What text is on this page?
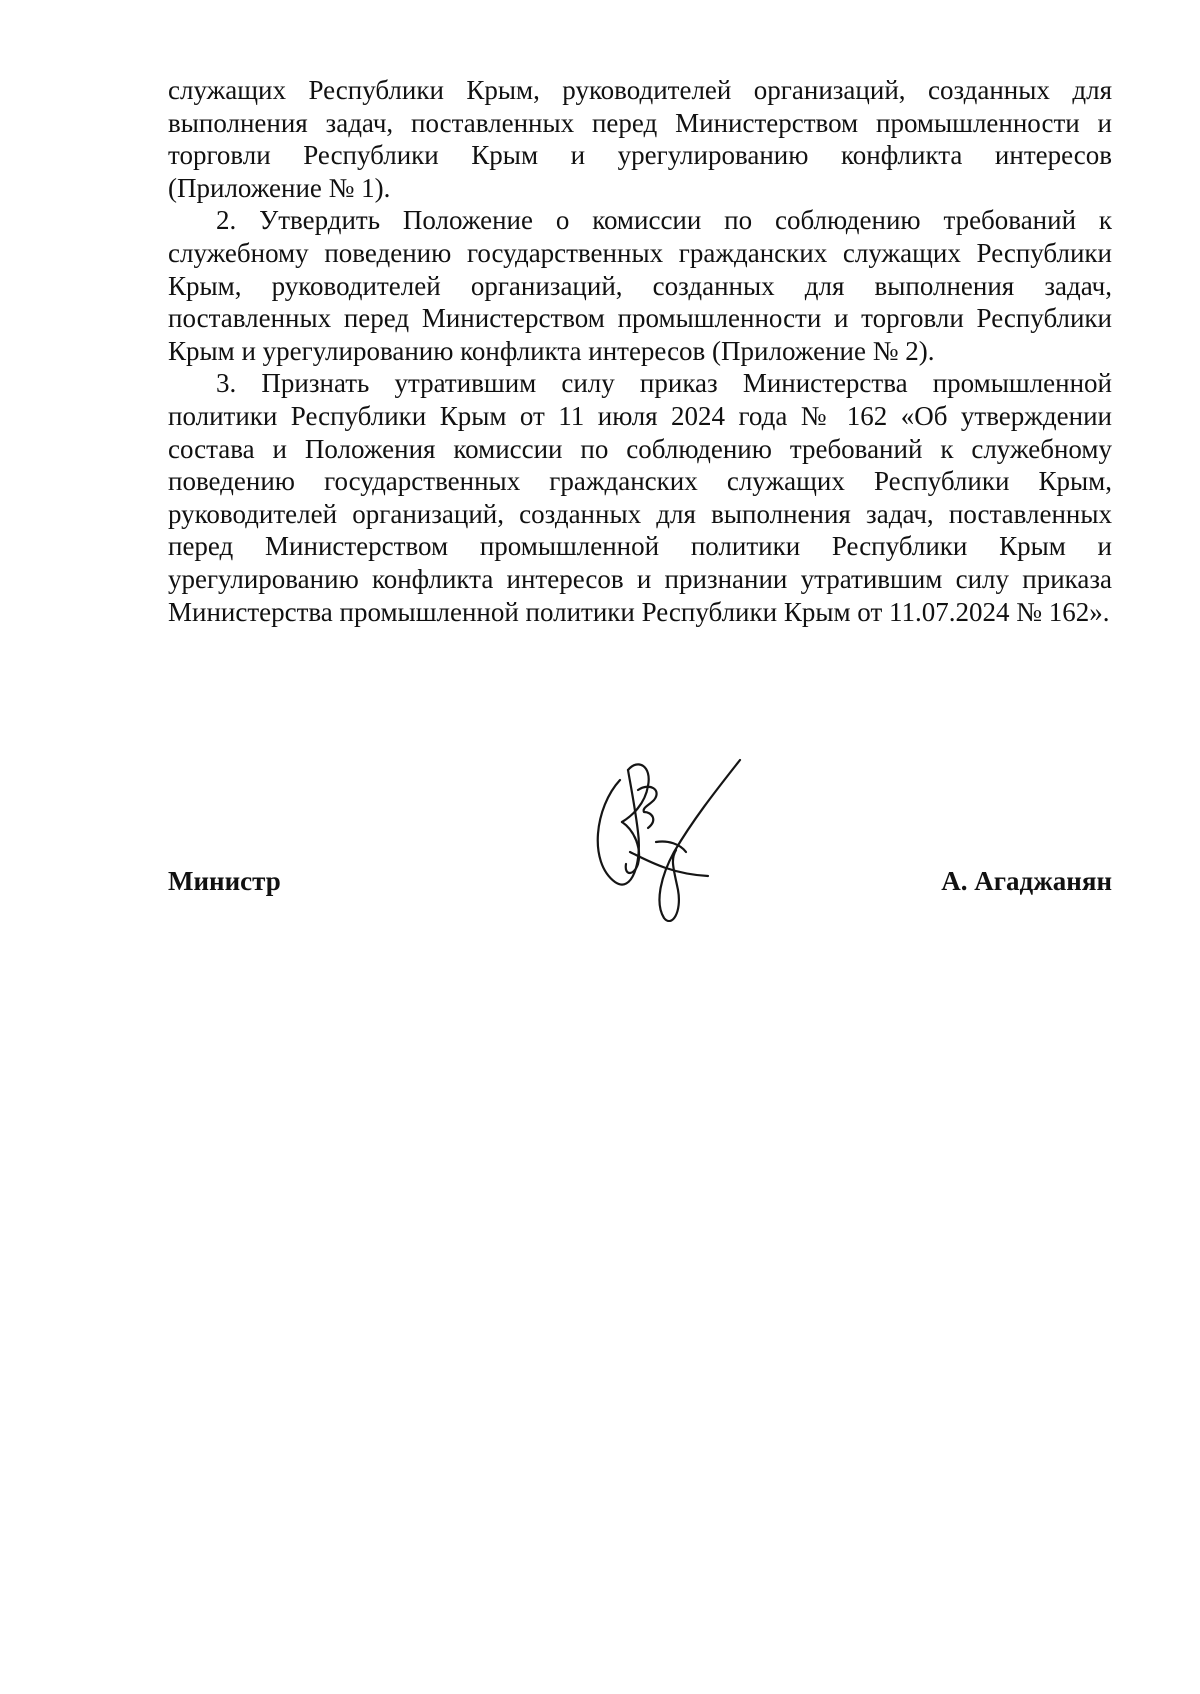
служащих Республики Крым, руководителей организаций, созданных для выполнения задач, поставленных перед Министерством промышленности и торговли Республики Крым и урегулированию конфликта интересов (Приложение № 1).

2. Утвердить Положение о комиссии по соблюдению требований к служебному поведению государственных гражданских служащих Республики Крым, руководителей организаций, созданных для выполнения задач, поставленных перед Министерством промышленности и торговли Республики Крым и урегулированию конфликта интересов (Приложение № 2).

3. Признать утратившим силу приказ Министерства промышленной политики Республики Крым от 11 июля 2024 года № 162 «Об утверждении состава и Положения комиссии по соблюдению требований к служебному поведению государственных гражданских служащих Республики Крым, руководителей организаций, созданных для выполнения задач, поставленных перед Министерством промышленной политики Республики Крым и урегулированию конфликта интересов и признании утратившим силу приказа Министерства промышленной политики Республики Крым от 11.07.2024 № 162».

Министр	А. Агаджанян
